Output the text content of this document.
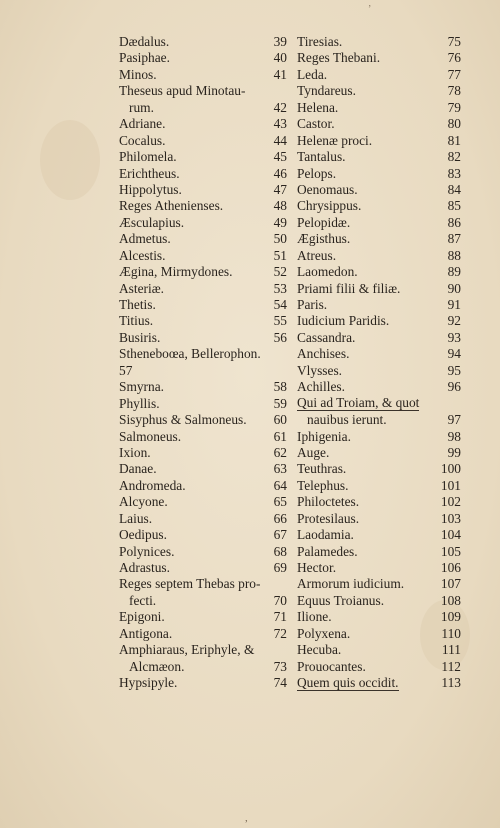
ʼ
Dædalus.	39
Pasiphae.	40
Minos.	41
Theseus apud Minotau-
rum.	42
Adriane.	43
Cocalus.	44
Philomela.	45
Erichtheus.	46
Hippolytus.	47
Reges Athenienses.	48
Æsculapius.	49
Admetus.	50
Alcestis.	51
Ægina, Mirmydones.	52
Asteriæ.	53
Thetis.	54
Titius.	55
Busiris.	56
Stheneboœa, Bellerophon.
57
Smyrna.	58
Phyllis.	59
Sisyphus & Salmoneus.	60
Salmoneus.	61
Ixion.	62
Danae.	63
Andromeda.	64
Alcyone.	65
Laius.	66
Oedipus.	67
Polynices.	68
Adrastus.	69
Reges septem Thebas pro-
fecti.	70
Epigoni.	71
Antigona.	72
Amphiaraus, Eriphyle, &
Alcmæon.	73
Hypsipyle.	74
Tiresias.	75
Reges Thebani.	76
Leda.	77
Tyndareus.	78
Helena.	79
Castor.	80
Helenæ proci.	81
Tantalus.	82
Pelops.	83
Oenomaus.	84
Chrysippus.	85
Pelopidæ.	86
Ægisthus.	87
Atreus.	88
Laomedon.	89
Priami filii & filiæ.	90
Paris.	91
Iudicium Paridis.	92
Cassandra.	93
Anchises.	94
Vlysses.	95
Achilles.	96
Qui ad Troiam, & quot
nauibus ierunt.	97
Iphigenia.	98
Auge.	99
Teuthras.	100
Telephus.	101
Philoctetes.	102
Protesilaus.	103
Laodamia.	104
Palamedes.	105
Hector.	106
Armorum iudicium.	107
Equus Troianus.	108
Ilione.	109
Polyxena.	110
Hecuba.	111
Prouocantes.	112
Quem quis occidit.	113
,
